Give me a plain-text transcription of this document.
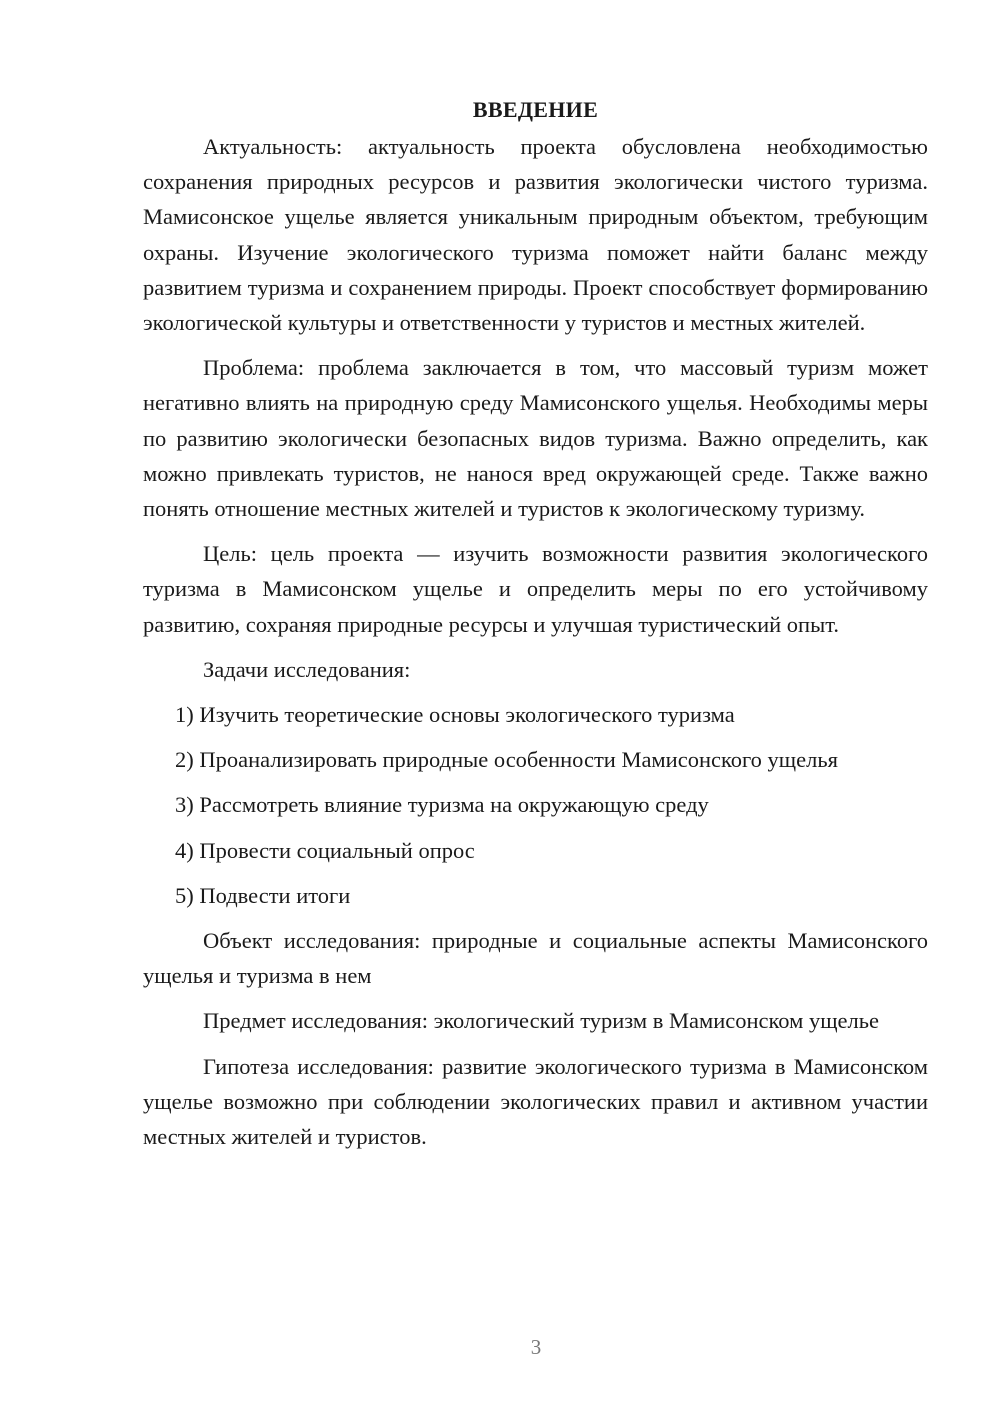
ВВЕДЕНИЕ

Актуальность: актуальность проекта обусловлена необходимостью сохранения природных ресурсов и развития экологически чистого туризма. Мамисонское ущелье является уникальным природным объектом, требующим охраны. Изучение экологического туризма поможет найти баланс между развитием туризма и сохранением природы. Проект способствует формированию экологической культуры и ответственности у туристов и местных жителей.

Проблема: проблема заключается в том, что массовый туризм может негативно влиять на природную среду Мамисонского ущелья. Необходимы меры по развитию экологически безопасных видов туризма. Важно определить, как можно привлекать туристов, не нанося вред окружающей среде. Также важно понять отношение местных жителей и туристов к экологическому туризму.

Цель: цель проекта — изучить возможности развития экологического туризма в Мамисонском ущелье и определить меры по его устойчивому развитию, сохраняя природные ресурсы и улучшая туристический опыт.

Задачи исследования:

1) Изучить теоретические основы экологического туризма
2) Проанализировать природные особенности Мамисонского ущелья
3) Рассмотреть влияние туризма на окружающую среду
4) Провести социальный опрос
5) Подвести итоги

Объект исследования: природные и социальные аспекты Мамисонского ущелья и туризма в нем

Предмет исследования: экологический туризм в Мамисонском ущелье

Гипотеза исследования: развитие экологического туризма в Мамисонском ущелье возможно при соблюдении экологических правил и активном участии местных жителей и туристов.

3
